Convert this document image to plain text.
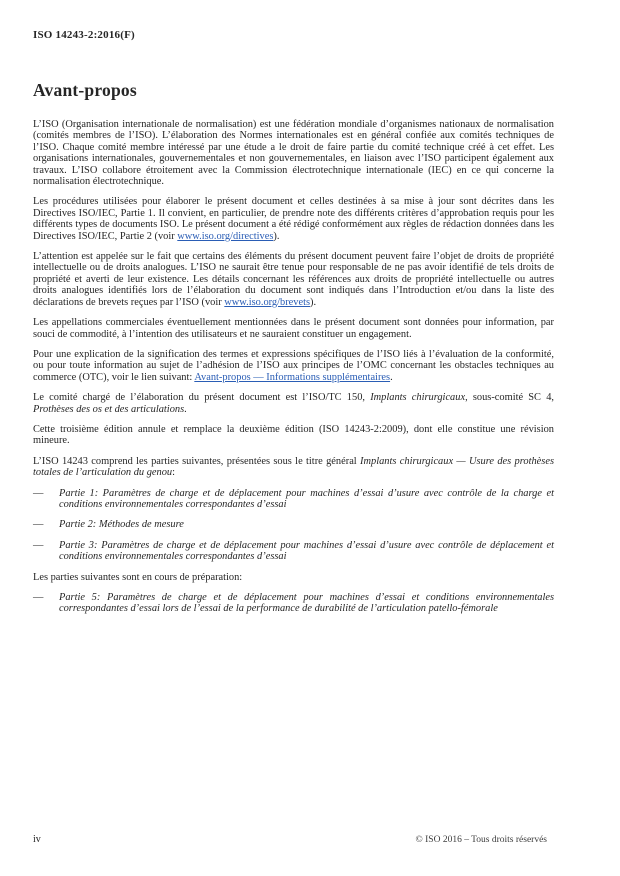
ISO 14243-2:2016(F)
Avant-propos
L’ISO (Organisation internationale de normalisation) est une fédération mondiale d’organismes nationaux de normalisation (comités membres de l’ISO). L’élaboration des Normes internationales est en général confiée aux comités techniques de l’ISO. Chaque comité membre intéressé par une étude a le droit de faire partie du comité technique créé à cet effet. Les organisations internationales, gouvernementales et non gouvernementales, en liaison avec l’ISO participent également aux travaux. L’ISO collabore étroitement avec la Commission électrotechnique internationale (IEC) en ce qui concerne la normalisation électrotechnique.
Les procédures utilisées pour élaborer le présent document et celles destinées à sa mise à jour sont décrites dans les Directives ISO/IEC, Partie 1. Il convient, en particulier, de prendre note des différents critères d’approbation requis pour les différents types de documents ISO. Le présent document a été rédigé conformément aux règles de rédaction données dans les Directives ISO/IEC, Partie 2 (voir www.iso.org/directives).
L’attention est appelée sur le fait que certains des éléments du présent document peuvent faire l’objet de droits de propriété intellectuelle ou de droits analogues. L’ISO ne saurait être tenue pour responsable de ne pas avoir identifié de tels droits de propriété et averti de leur existence. Les détails concernant les références aux droits de propriété intellectuelle ou autres droits analogues identifiés lors de l’élaboration du document sont indiqués dans l’Introduction et/ou dans la liste des déclarations de brevets reçues par l’ISO (voir www.iso.org/brevets).
Les appellations commerciales éventuellement mentionnées dans le présent document sont données pour information, par souci de commodité, à l’intention des utilisateurs et ne sauraient constituer un engagement.
Pour une explication de la signification des termes et expressions spécifiques de l’ISO liés à l’évaluation de la conformité, ou pour toute information au sujet de l’adhésion de l’ISO aux principes de l’OMC concernant les obstacles techniques au commerce (OTC), voir le lien suivant: Avant-propos — Informations supplémentaires.
Le comité chargé de l’élaboration du présent document est l’ISO/TC 150, Implants chirurgicaux, sous-comité SC 4, Prothèses des os et des articulations.
Cette troisième édition annule et remplace la deuxième édition (ISO 14243-2:2009), dont elle constitue une révision mineure.
L’ISO 14243 comprend les parties suivantes, présentées sous le titre général Implants chirurgicaux — Usure des prothèses totales de l’articulation du genou:
— Partie 1: Paramètres de charge et de déplacement pour machines d’essai d’usure avec contrôle de la charge et conditions environnementales correspondantes d’essai
— Partie 2: Méthodes de mesure
— Partie 3: Paramètres de charge et de déplacement pour machines d’essai d’usure avec contrôle de déplacement et conditions environnementales correspondantes d’essai
Les parties suivantes sont en cours de préparation:
— Partie 5: Paramètres de charge et de déplacement pour machines d’essai et conditions environnementales correspondantes d’essai lors de l’essai de la performance de durabilité de l’articulation patello-fémorale
iv	© ISO 2016 – Tous droits réservés
